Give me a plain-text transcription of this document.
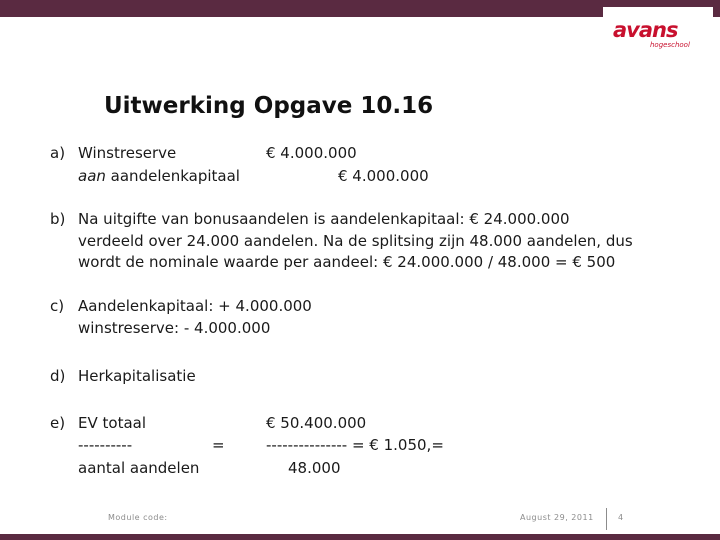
avans
hogeschool
Uitwerking Opgave 10.16
a) Winstreserve	€ 4.000.000
aan aandelenkapitaal	€ 4.000.000
b) Na uitgifte van bonusaandelen is aandelenkapitaal: € 24.000.000
verdeeld over 24.000 aandelen. Na de splitsing zijn 48.000 aandelen, dus
wordt de nominale waarde per aandeel: € 24.000.000 / 48.000 = € 500
c) Aandelenkapitaal: + 4.000.000
winstreserve: - 4.000.000
d) Herkapitalisatie
e) EV totaal	€ 50.400.000
----------	=	--------------- = € 1.050,=
aantal aandelen	48.000
Module code:	August 29, 2011	4
